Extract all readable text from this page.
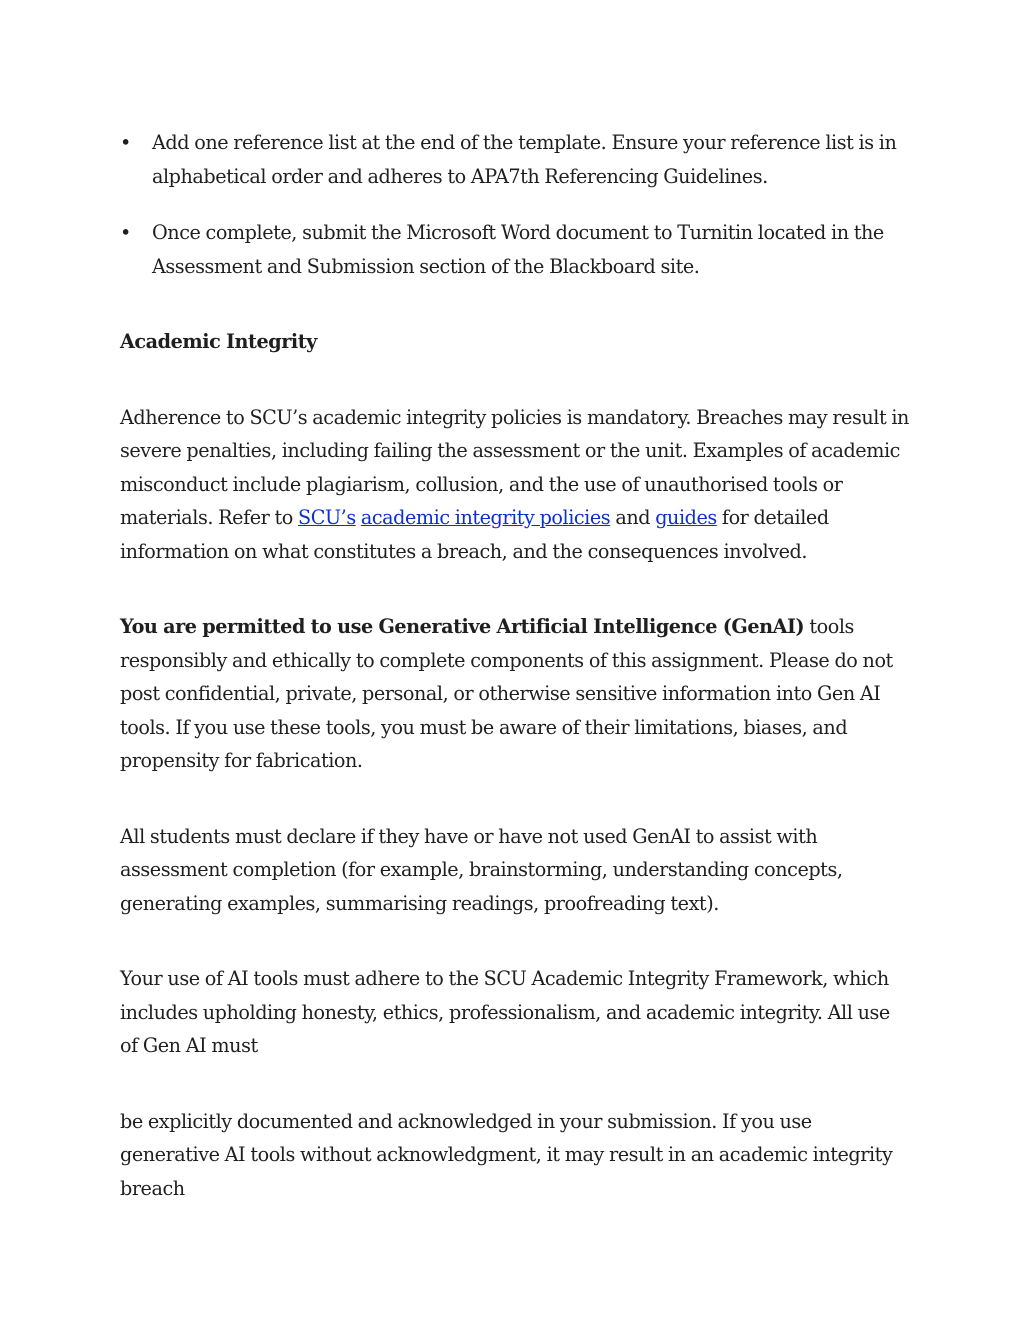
• Add one reference list at the end of the template. Ensure your reference list is in alphabetical order and adheres to APA7th Referencing Guidelines.
• Once complete, submit the Microsoft Word document to Turnitin located in the Assessment and Submission section of the Blackboard site.
Academic Integrity

Adherence to SCU’s academic integrity policies is mandatory. Breaches may result in severe penalties, including failing the assessment or the unit. Examples of academic misconduct include plagiarism, collusion, and the use of unauthorised tools or materials. Refer to SCU’s academic integrity policies and guides for detailed information on what constitutes a breach, and the consequences involved.

You are permitted to use Generative Artificial Intelligence (GenAI) tools responsibly and ethically to complete components of this assignment. Please do not post confidential, private, personal, or otherwise sensitive information into Gen AI tools. If you use these tools, you must be aware of their limitations, biases, and propensity for fabrication.

All students must declare if they have or have not used GenAI to assist with assessment completion (for example, brainstorming, understanding concepts, generating examples, summarising readings, proofreading text).

Your use of AI tools must adhere to the SCU Academic Integrity Framework, which includes upholding honesty, ethics, professionalism, and academic integrity. All use of Gen AI must

be explicitly documented and acknowledged in your submission. If you use generative AI tools without acknowledgment, it may result in an academic integrity breach
